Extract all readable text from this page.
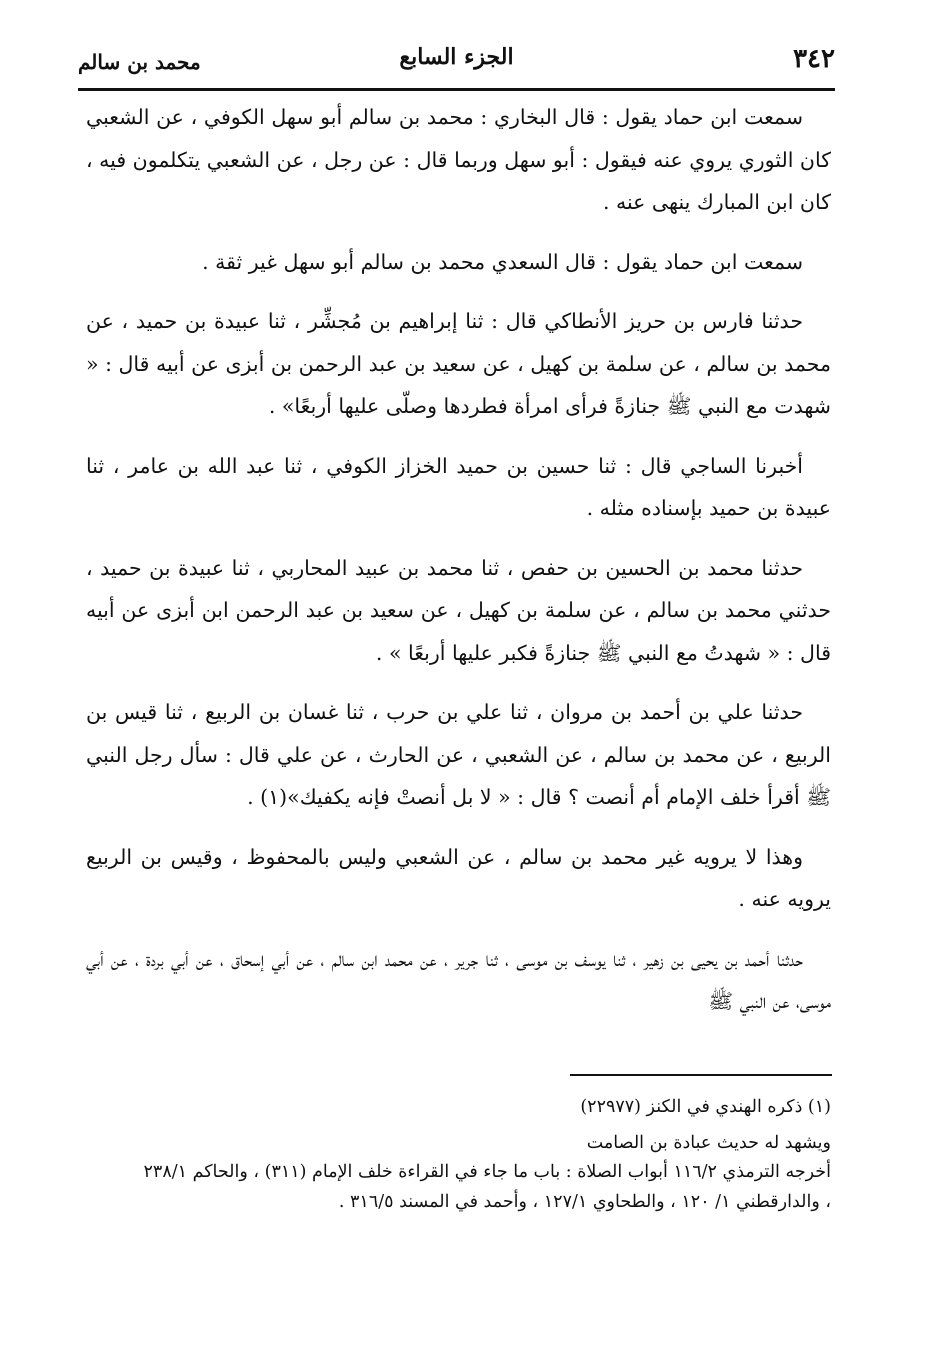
٣٤٢
الجزء السابع
محمد بن سالم

سمعت ابن حماد يقول : قال البخاري : محمد بن سالم أبو سهل الكوفي ، عن الشعبي كان الثوري يروي عنه فيقول : أبو سهل وربما قال : عن رجل ، عن الشعبي يتكلمون فيه ، كان ابن المبارك ينهى عنه .

سمعت ابن حماد يقول : قال السعدي محمد بن سالم أبو سهل غير ثقة .

حدثنا فارس بن حريز الأنطاكي قال : ثنا إبراهيم بن مُجشِّر ، ثنا عبيدة بن حميد ، عن محمد بن سالم ، عن سلمة بن كهيل ، عن سعيد بن عبد الرحمن بن أبزى عن أبيه قال : « شهدت مع النبي ﷺ جنازةً فرأى امرأة فطردها وصلّى عليها أربعًا» .

أخبرنا الساجي قال : ثنا حسين بن حميد الخزاز الكوفي ، ثنا عبد الله بن عامر ، ثنا عبيدة بن حميد بإسناده مثله .

حدثنا محمد بن الحسين بن حفص ، ثنا محمد بن عبيد المحاربي ، ثنا عبيدة بن حميد ، حدثني محمد بن سالم ، عن سلمة بن كهيل ، عن سعيد بن عبد الرحمن ابن أبزى عن أبيه قال : « شهدتُ مع النبي ﷺ جنازةً فكبر عليها أربعًا » .

حدثنا علي بن أحمد بن مروان ، ثنا علي بن حرب ، ثنا غسان بن الربيع ، ثنا قيس بن الربيع ، عن محمد بن سالم ، عن الشعبي ، عن الحارث ، عن علي قال : سأل رجل النبي ﷺ أقرأ خلف الإمام أم أنصت ؟ قال : « لا بل أنصتْ فإنه يكفيك»(١) .

وهذا لا يرويه غير محمد بن سالم ، عن الشعبي وليس بالمحفوظ ، وقيس بن الربيع يرويه عنه .

حدثنا أحمد بن يحيى بن زهير ، ثنا يوسف بن موسى ، ثنا جرير ، عن محمد ابن سالم ، عن أبي إسحاق ، عن أبي بردة ، عن أبي موسى، عن النبي ﷺ

(١) ذكره الهندي في الكنز (٢٢٩٧٧)

ويشهد له حديث عبادة بن الصامت

أخرجه الترمذي ١١٦/٢ أبواب الصلاة : باب ما جاء في القراءة خلف الإمام (٣١١) ، والحاكم ٢٣٨/١ ، والدارقطني ١/ ١٢٠ ، والطحاوي ١٢٧/١ ، وأحمد في المسند ٣١٦/٥ .
